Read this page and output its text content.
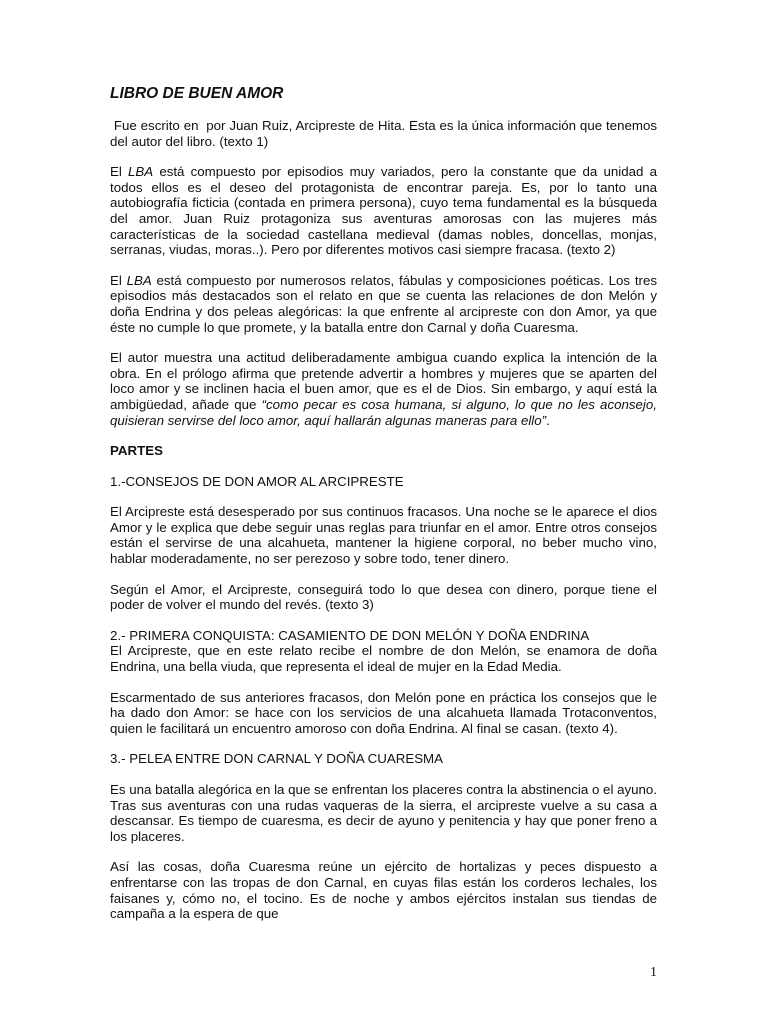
LIBRO DE BUEN AMOR

Fue escrito en  por Juan Ruiz, Arcipreste de Hita. Esta es la única información que tenemos del autor del libro. (texto 1)

El LBA está compuesto por episodios muy variados, pero la constante que da unidad a todos ellos es el deseo del protagonista de encontrar pareja. Es, por lo tanto una autobiografía ficticia (contada en primera persona), cuyo tema fundamental es la búsqueda del amor. Juan Ruiz protagoniza sus aventuras amorosas con las mujeres más características de la sociedad castellana medieval (damas nobles, doncellas, monjas, serranas, viudas, moras..). Pero por diferentes motivos casi siempre fracasa. (texto 2)

El LBA está compuesto por numerosos relatos, fábulas y composiciones poéticas. Los tres episodios más destacados son el relato en que se cuenta las relaciones de don Melón y doña Endrina y dos peleas alegóricas: la que enfrente al arcipreste con don Amor, ya que éste no cumple lo que promete, y la batalla entre don Carnal y doña Cuaresma.

El autor muestra una actitud deliberadamente ambigua cuando explica la intención de la obra. En el prólogo afirma que pretende advertir a hombres y mujeres que se aparten del loco amor y se inclinen hacia el buen amor, que es el de Dios. Sin embargo, y aquí está la ambigüedad, añade que “como pecar es cosa humana, si alguno, lo que no les aconsejo, quisieran servirse del loco amor, aquí hallarán algunas maneras para ello”.

PARTES
1.-CONSEJOS DE DON AMOR AL ARCIPRESTE

El Arcipreste está desesperado por sus continuos fracasos. Una noche se le aparece el dios Amor y le explica que debe seguir unas reglas para triunfar en el amor. Entre otros consejos están el servirse de una alcahueta, mantener la higiene corporal, no beber mucho vino, hablar moderadamente, no ser perezoso y sobre todo, tener dinero.

Según el Amor, el Arcipreste, conseguirá todo lo que desea con dinero, porque tiene el poder de volver el mundo del revés. (texto 3)

2.- PRIMERA CONQUISTA: CASAMIENTO DE DON MELÓN Y DOÑA ENDRINA

El Arcipreste, que en este relato recibe el nombre de don Melón, se enamora de doña Endrina, una bella viuda, que representa el ideal de mujer en la Edad Media.

Escarmentado de sus anteriores fracasos, don Melón pone en práctica los consejos que le ha dado don Amor: se hace con los servicios de una alcahueta llamada Trotaconventos, quien le facilitará un encuentro amoroso con doña Endrina. Al final se casan. (texto 4).

3.- PELEA ENTRE DON CARNAL Y DOÑA CUARESMA

Es una batalla alegórica en la que se enfrentan los placeres contra la abstinencia o el ayuno. Tras sus aventuras con una rudas vaqueras de la sierra, el arcipreste vuelve a su casa a descansar. Es tiempo de cuaresma, es decir de ayuno y penitencia y hay que poner freno a los placeres.

Así las cosas, doña Cuaresma reúne un ejército de hortalizas y peces dispuesto a enfrentarse con las tropas de don Carnal, en cuyas filas están los corderos lechales, los faisanes y, cómo no, el tocino. Es de noche y ambos ejércitos instalan sus tiendas de campaña a la espera de que

1
